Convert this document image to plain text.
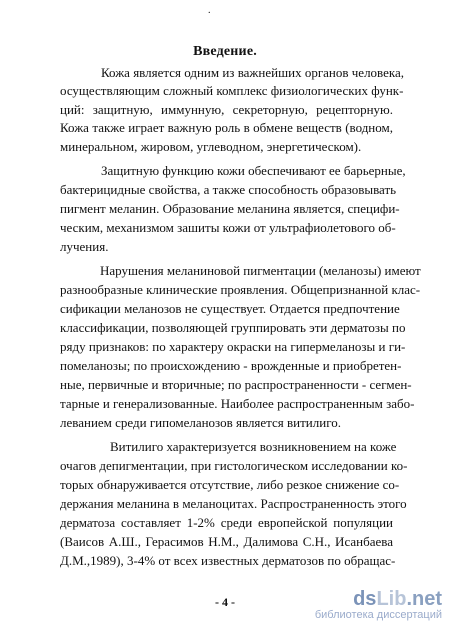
.
Введение.
Кожа является одним из важнейших органов человека,
осуществляющим сложный комплекс физиологических функ-
ций: защитную, иммунную, секреторную, рецепторную.
Кожа также играет важную роль в обмене веществ (водном,
минеральном, жировом, углеводном, энергетическом).
Защитную функцию кожи обеспечивают ее барьерные,
бактерицидные свойства, а также способность образовывать
пигмент меланин. Образование меланина является, специфи-
ческим, механизмом зашиты кожи от ультрафиолетового об-
лучения.
Нарушения меланиновой пигментации (меланозы) имеют
разнообразные клинические проявления. Общепризнанной клас-
сификации меланозов не существует. Отдается предпочтение
классификации, позволяющей группировать эти дерматозы по
ряду признаков: по характеру окраски на гипермеланозы и ги-
помеланозы; по происхождению - врожденные и приобретен-
ные, первичные и вторичные; по распространенности - сегмен-
тарные и генерализованные. Наиболее распространенным забо-
леванием среди гипомеланозов является витилиго.
Витилиго характеризуется возникновением на коже
очагов депигментации, при гистологическом исследовании ко-
торых обнаруживается отсутствие, либо резкое снижение со-
держания меланина в меланоцитах. Распространенность этого
дерматоза составляет 1-2% среди европейской популяции
(Ваисов А.Ш., Герасимов Н.М., Далимова С.Н., Исанбаева
Д.М.,1989), 3-4% от всех известных дерматозов по обращас-
- 4 -	dsLib.net
библиотека диссертаций
